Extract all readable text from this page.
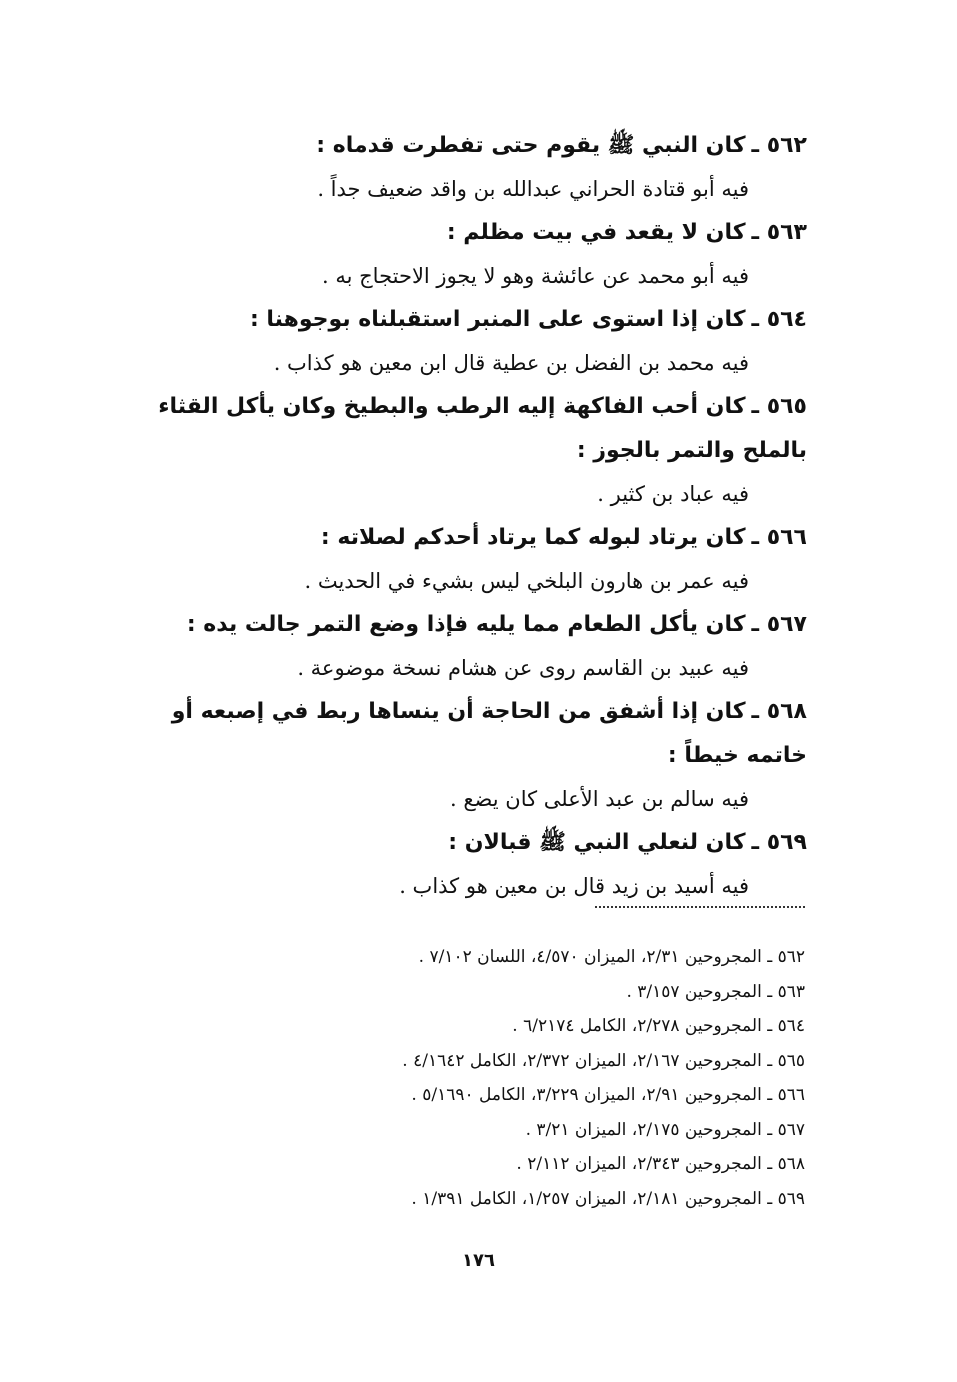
٥٦٢ ـكان النبي ﷺ يقوم حتى تفطرت قدماه :

فيه أبو قتادة الحراني عبدالله بن واقد ضعيف جداً .

٥٦٣ ـكان لا يقعد في بيت مظلم :

فيه أبو محمد عن عائشة وهو لا يجوز الاحتجاج به .

٥٦٤ ـكان إذا استوى على المنبر استقبلناه بوجوهنا :

فيه محمد بن الفضل بن عطية قال ابن معين هو كذاب .

٥٦٥ ـكان أحب الفاكهة إليه الرطب والبطيخ وكان يأكل القثاء بالملح والتمر بالجوز :

فيه عباد بن كثير .

٥٦٦ ـكان يرتاد لبوله كما يرتاد أحدكم لصلاته :

فيه عمر بن هارون البلخي ليس بشيء في الحديث .

٥٦٧ ـكان يأكل الطعام مما يليه فإذا وضع التمر جالت يده :

فيه عبيد بن القاسم روى عن هشام نسخة موضوعة .

٥٦٨ ـكان إذا أشفق من الحاجة أن ينساها ربط في إصبعه أو خاتمه خيطاً :

فيه سالم بن عبد الأعلى كان يضع .

٥٦٩ ـكان لنعلي النبي ﷺ قبالان :

فيه أسيد بن زيد قال بن معين هو كذاب .

٥٦٢ ـ المجروحين ٢/٣١، الميزان ٤/٥٧٠، اللسان ٧/١٠٢ .

٥٦٣ ـ المجروحين ٣/١٥٧ .

٥٦٤ ـ المجروحين ٢/٢٧٨، الكامل ٦/٢١٧٤ .

٥٦٥ ـ المجروحين ٢/١٦٧، الميزان ٢/٣٧٢، الكامل ٤/١٦٤٢ .

٥٦٦ ـ المجروحين ٢/٩١، الميزان ٣/٢٢٩، الكامل ٥/١٦٩٠ .

٥٦٧ ـ المجروحين ٢/١٧٥، الميزان ٣/٢١ .

٥٦٨ ـ المجروحين ٢/٣٤٣، الميزان ٢/١١٢ .

٥٦٩ ـ المجروحين ٢/١٨١، الميزان ١/٢٥٧، الكامل ١/٣٩١ .

١٧٦
